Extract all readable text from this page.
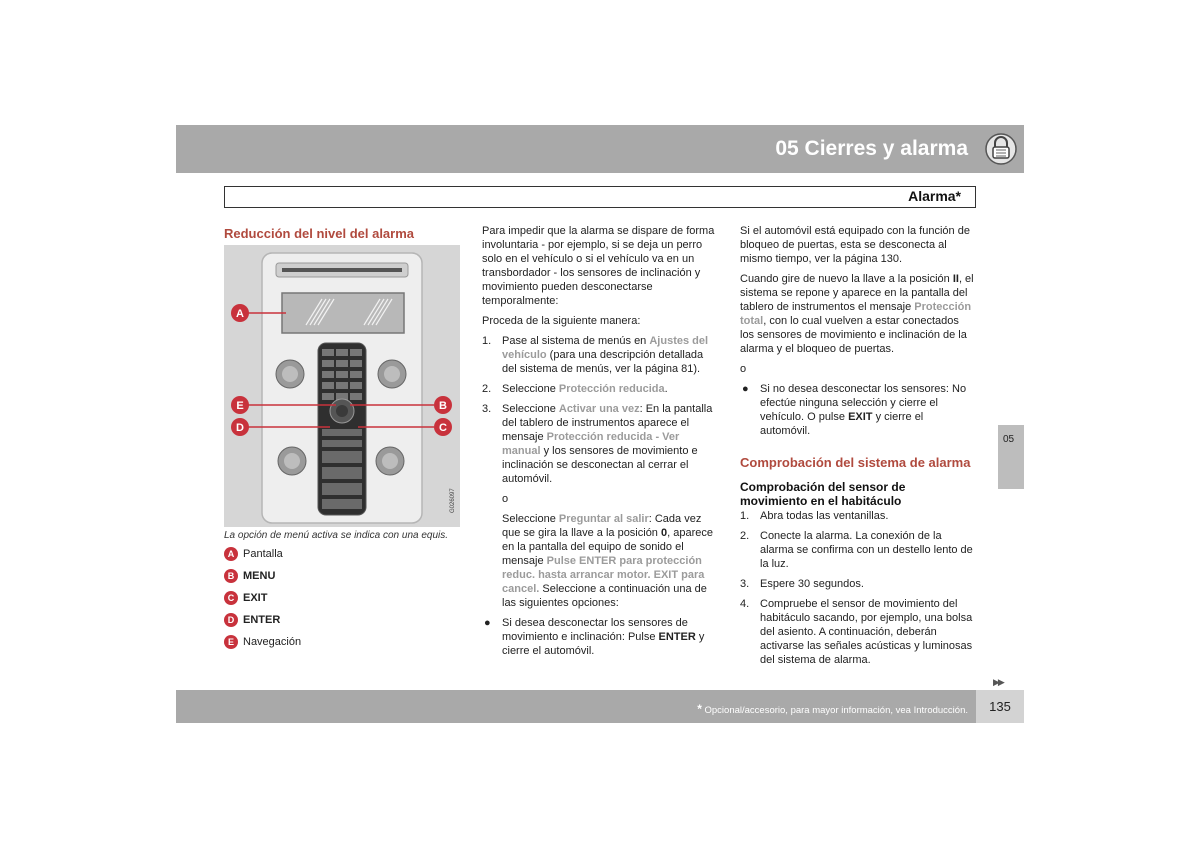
05 Cierres y alarma
Alarma*
Reducción del nivel del alarma
A
E
D
B
C
G026097
La opción de menú activa se indica con una equis.
A Pantalla
B MENU
C EXIT
D ENTER
E Navegación

Para impedir que la alarma se dispare de forma involuntaria - por ejemplo, si se deja un perro solo en el vehículo o si el vehículo va en un transbordador - los sensores de inclinación y movimiento pueden desconectarse temporalmente:

Proceda de la siguiente manera:

1. Pase al sistema de menús en Ajustes del vehículo (para una descripción detallada del sistema de menús, ver la página 81).
2. Seleccione Protección reducida.
3. Seleccione Activar una vez: En la pantalla del tablero de instrumentos aparece el mensaje Protección reducida - Ver manual y los sensores de movimiento e inclinación se desconectan al cerrar el automóvil.
o
Seleccione Preguntar al salir: Cada vez que se gira la llave a la posición 0, aparece en la pantalla del equipo de sonido el mensaje Pulse ENTER para protección reduc. hasta arrancar motor. EXIT para cancel. Seleccione a continuación una de las siguientes opciones:
● Si desea desconectar los sensores de movimiento e inclinación: Pulse ENTER y cierre el automóvil.

Si el automóvil está equipado con la función de bloqueo de puertas, esta se desconecta al mismo tiempo, ver la página 130.

Cuando gire de nuevo la llave a la posición II, el sistema se repone y aparece en la pantalla del tablero de instrumentos el mensaje Protección total, con lo cual vuelven a estar conectados los sensores de movimiento e inclinación de la alarma y el bloqueo de puertas.

o

● Si no desea desconectar los sensores: No efectúe ninguna selección y cierre el vehículo. O pulse EXIT y cierre el automóvil.
Comprobación del sistema de alarma
Comprobación del sensor de movimiento en el habitáculo
1. Abra todas las ventanillas.
2. Conecte la alarma. La conexión de la alarma se confirma con un destello lento de la luz.
3. Espere 30 segundos.
4. Compruebe el sensor de movimiento del habitáculo sacando, por ejemplo, una bolsa del asiento. A continuación, deberán activarse las señales acústicas y luminosas del sistema de alarma.
05
▶▶
* Opcional/accesorio, para mayor información, vea Introducción.	135
